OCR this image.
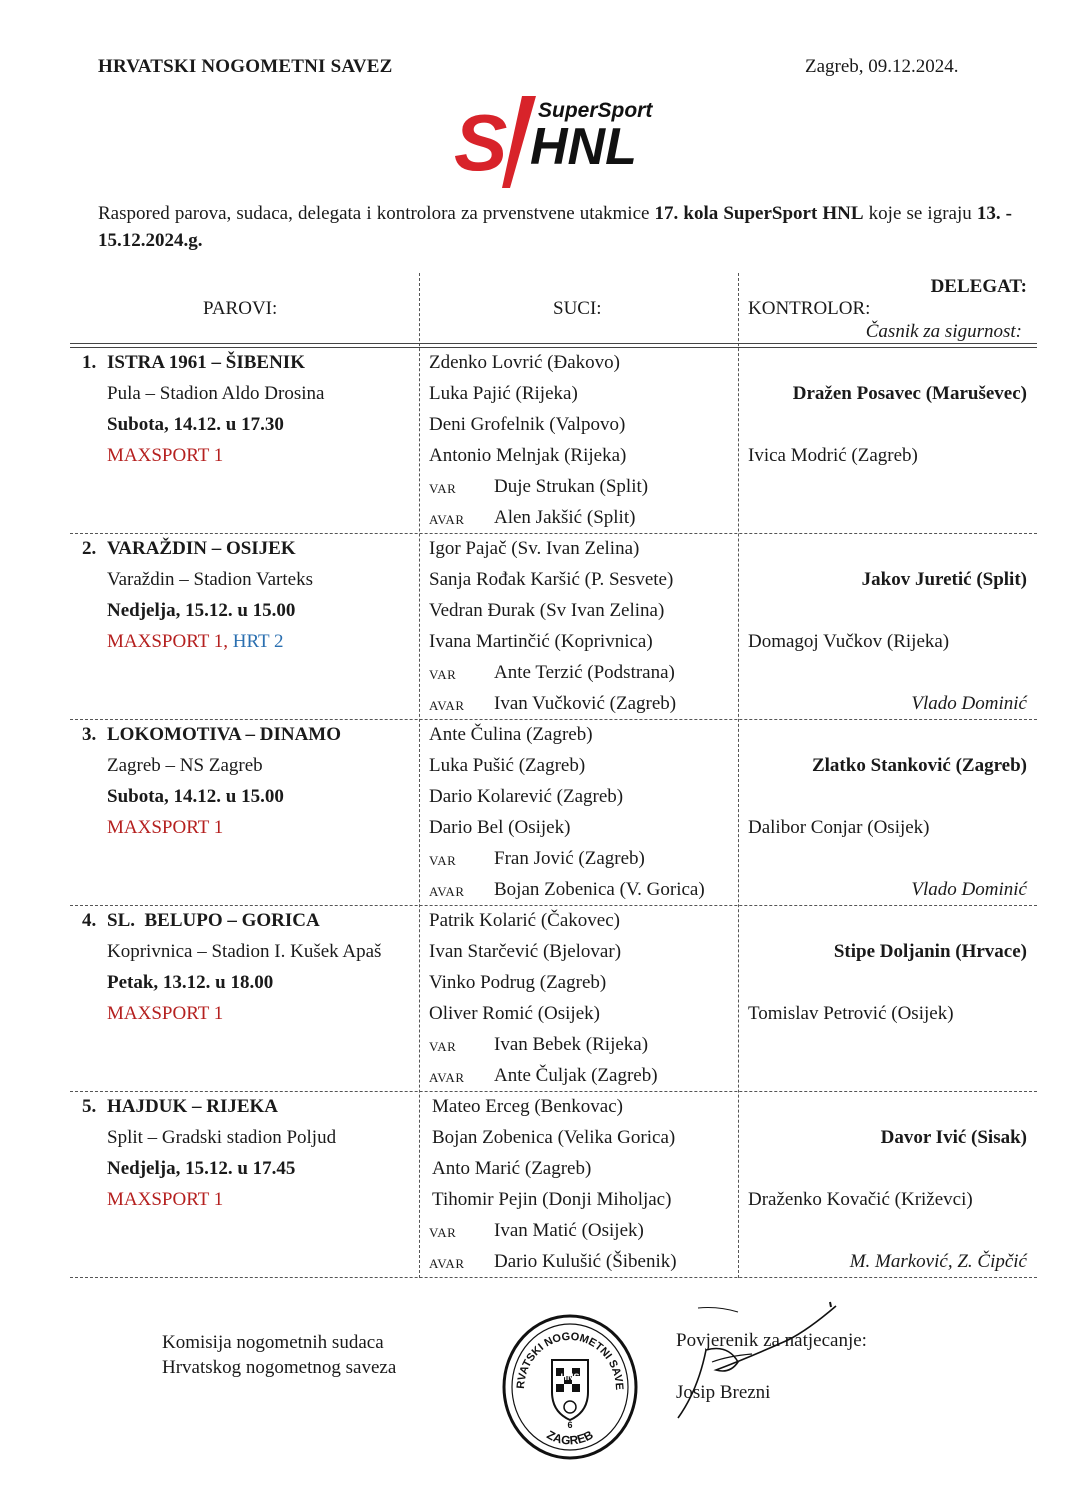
HRVATSKI NOGOMETNI SAVEZ	Zagreb, 09.12.2024.
SuperSport
S HNL
Raspored parova, sudaca, delegata i kontrolora za prvenstvene utakmice 17. kola SuperSport HNL koje se igraju 13. - 15.12.2024.g.
PAROVI:	SUCI:
DELEGAT:
KONTROLOR:
Časnik za sigurnost:
1. ISTRA 1961 – ŠIBENIK
Pula – Stadion Aldo Drosina
Subota, 14.12. u 17.30
MAXSPORT 1
Zdenko Lovrić (Đakovo)
Luka Pajić (Rijeka)
Deni Grofelnik (Valpovo)
Antonio Melnjak (Rijeka)
VAR Duje Strukan (Split)
AVAR Alen Jakšić (Split)
Dražen Posavec (Maruševec)
Ivica Modrić (Zagreb)
2. VARAŽDIN – OSIJEK
Varaždin – Stadion Varteks
Nedjelja, 15.12. u 15.00
MAXSPORT 1, HRT 2
Igor Pajač (Sv. Ivan Zelina)
Sanja Rođak Karšić (P. Sesvete)
Vedran Đurak (Sv Ivan Zelina)
Ivana Martinčić (Koprivnica)
VAR Ante Terzić (Podstrana)
AVAR Ivan Vučković (Zagreb)
Jakov Juretić (Split)
Domagoj Vučkov (Rijeka)
Vlado Dominić
3. LOKOMOTIVA – DINAMO
Zagreb – NS Zagreb
Subota, 14.12. u 15.00
MAXSPORT 1
Ante Čulina (Zagreb)
Luka Pušić (Zagreb)
Dario Kolarević (Zagreb)
Dario Bel (Osijek)
VAR Fran Jović (Zagreb)
AVAR Bojan Zobenica (V. Gorica)
Zlatko Stanković (Zagreb)
Dalibor Conjar (Osijek)
Vlado Dominić
4. SL.  BELUPO – GORICA
Koprivnica – Stadion I. Kušek Apaš
Petak, 13.12. u 18.00
MAXSPORT 1
Patrik Kolarić (Čakovec)
Ivan Starčević (Bjelovar)
Vinko Podrug (Zagreb)
Oliver Romić (Osijek)
VAR Ivan Bebek (Rijeka)
AVAR Ante Čuljak (Zagreb)
Stipe Doljanin (Hrvace)
Tomislav Petrović (Osijek)
5. HAJDUK – RIJEKA
Split – Gradski stadion Poljud
Nedjelja, 15.12. u 17.45
MAXSPORT 1
Mateo Erceg (Benkovac)
Bojan Zobenica (Velika Gorica)
Anto Marić (Zagreb)
Tihomir Pejin (Donji Miholjac)
VAR Ivan Matić (Osijek)
AVAR Dario Kulušić (Šibenik)
Davor Ivić (Sisak)
Draženko Kovačić (Križevci)
M. Marković, Z. Čipčić
Komisija nogometnih sudaca
Hrvatskog nogometnog saveza
RVATSKI NOGOMETNI SAVE
ZAGREB
HNS
6
Povjerenik za natjecanje:
Josip Brezni
